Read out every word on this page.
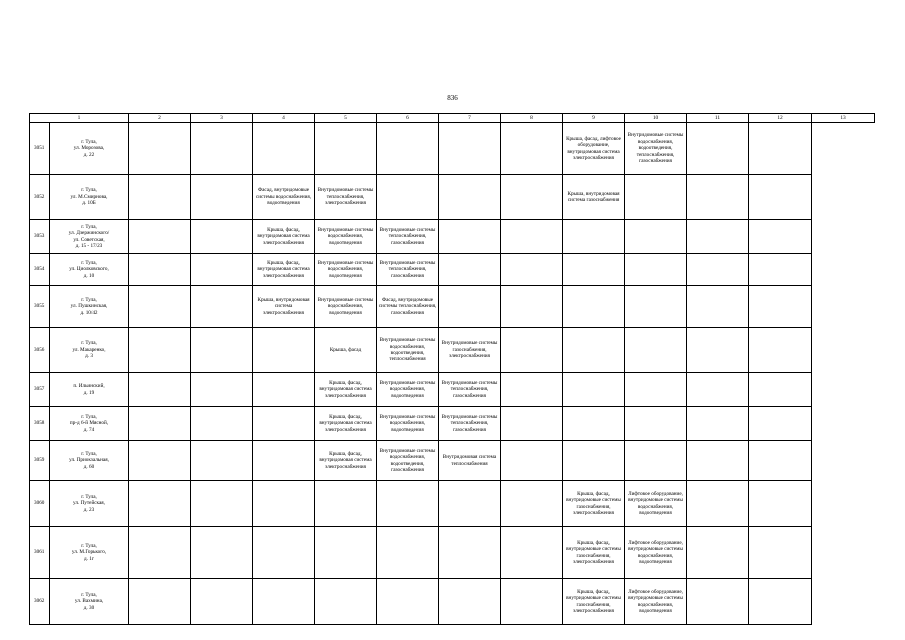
836
1		2	3	4	5	6	7	8	9	10	11	12	13
3051	г. Тула,
ул. Морозова,
д. 22								Крыша, фасад, лифтовое оборудование, внутридомовая система электроснабжения	Внутридомовые системы водоснабжения, водоотведения, теплоснабжения, газоснабжения			
3052	г. Тула,
ул. М.Смирнова,
д. 10Б			Фасад, внутридомовые системы водоснабжения, водоотведения	Внутридомовые системы теплоснабжения, электроснабжения				Крыша, внутридомовая система газоснабжения				
3053	г. Тула,
ул. Дзержинского/
ул. Советская,
д. 15 - 17/23			Крыша, фасад, внутридомовая система электроснабжения	Внутридомовые системы водоснабжения, водоотведения	Внутридомовые системы теплоснабжения, газоснабжения							
3054	г. Тула,
ул. Циолковского,
д. 10			Крыша, фасад, внутридомовая система электроснабжения	Внутридомовые системы водоснабжения, водоотведения	Внутридомовые системы теплоснабжения, газоснабжения							
3055	г. Тула,
ул. Пушкинская,
д. 10/42			Крыша, внутридомовая система электроснабжения	Внутридомовые системы водоснабжения, водоотведения	Фасад, внутридомовые системы теплоснабжения, газоснабжения							
3056	г. Тула,
ул. Макаренко,
д. 3				Крыша, фасад	Внутридомовые системы водоснабжения, водоотведения, теплоснабжения	Внутридомовые системы газоснабжения, электроснабжения						
3057	п. Ильинский,
д. 19				Крыша, фасад, внутридомовая система электроснабжения	Внутридомовые системы водоснабжения, водоотведения	Внутридомовые системы теплоснабжения, газоснабжения						
3058	г. Тула,
пр-д 6-й Мясной,
д. 74				Крыша, фасад, внутридомовая система электроснабжения	Внутридомовые системы водоснабжения, водоотведения	Внутридомовые системы теплоснабжения, газоснабжения						
3059	г. Тула,
ул. Приокзальная,
д. 60				Крыша, фасад, внутридомовая система электроснабжения	Внутридомовые системы водоснабжения, водоотведения, газоснабжения	Внутридомовая система теплоснабжения						
3060	г. Тула,
ул. Путейская,
д. 23								Крыша, фасад, внутридомовые системы газоснабжения, электроснабжения	Лифтовое оборудование, внутридомовые системы водоснабжения, водоотведения			
3061	г. Тула,
ул. М.Горького,
д. 1г								Крыша, фасад, внутридомовые системы газоснабжения, электроснабжения	Лифтовое оборудование, внутридомовые системы водоснабжения, водоотведения			
3062	г. Тула,
ул. Вахмина,
д. 30								Крыша, фасад, внутридомовые системы газоснабжения, электроснабжения	Лифтовое оборудование, внутридомовые системы водоснабжения, водоотведения			
